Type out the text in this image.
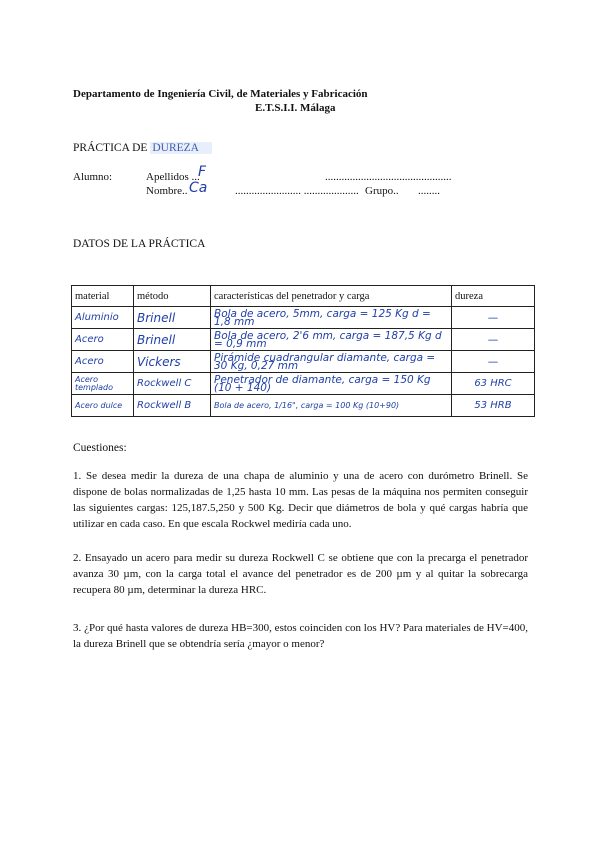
Departamento de Ingeniería Civil, de Materiales y Fabricación
E.T.S.I.I. Málaga
PRÁCTICA DE DUREZA
Alumno:	Apellidos ...
F	..............................................
Nombre.. Ca	........................ .................... Grupo.. ........
DATOS DE LA PRÁCTICA
material	método	características del penetrador y carga	dureza
Aluminio	Brinell	Bola de acero, 5mm, carga = 125 Kg d = 1,8 mm	—
Acero	Brinell	Bola de acero, 2'6 mm, carga = 187,5 Kg d = 0,9 mm	—
Acero	Vickers	Pirámide cuadrangular diamante, carga = 30 Kg, 0,27 mm	—
Acero templado	Rockwell C	Penetrador de diamante, carga = 150 Kg (10 + 140)	63 HRC
Acero dulce	Rockwell B	Bola de acero, 1/16", carga = 100 Kg (10+90)	53 HRB
Cuestiones:
1. Se desea medir la dureza de una chapa de aluminio y una de acero con durómetro Brinell. Se dispone de bolas normalizadas de 1,25 hasta 10 mm. Las pesas de la máquina nos permiten conseguir las siguientes cargas: 125,187.5,250 y 500 Kg. Decir que diámetros de bola y qué cargas habría que utilizar en cada caso. En que escala Rockwel mediría cada uno.
2. Ensayado un acero para medir su dureza Rockwell C se obtiene que con la precarga el penetrador avanza 30 µm, con la carga total el avance del penetrador es de 200 µm y al quitar la sobrecarga recupera 80 µm, determinar la dureza HRC.
3. ¿Por qué hasta valores de dureza HB=300, estos coinciden con los HV? Para materiales de HV=400, la dureza Brinell que se obtendría sería ¿mayor o menor?
